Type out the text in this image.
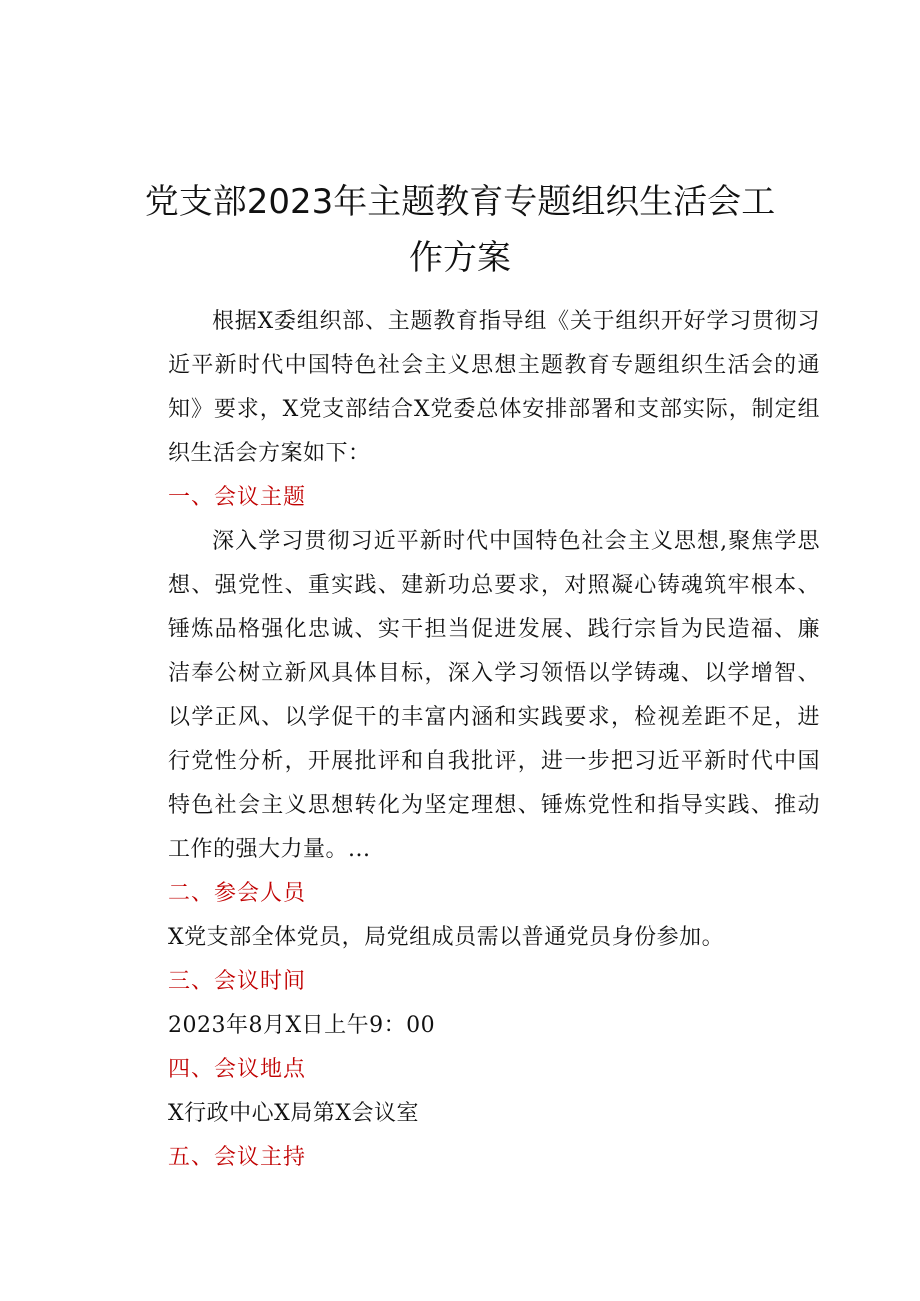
党支部2023年主题教育专题组织生活会工
作方案

根据X委组织部、主题教育指导组《关于组织开好学习贯彻习近平新时代中国特色社会主义思想主题教育专题组织生活会的通知》要求，X党支部结合X党委总体安排部署和支部实际，制定组织生活会方案如下：

一、会议主题

深入学习贯彻习近平新时代中国特色社会主义思想,聚焦学思想、强党性、重实践、建新功总要求，对照凝心铸魂筑牢根本、锤炼品格强化忠诚、实干担当促进发展、践行宗旨为民造福、廉洁奉公树立新风具体目标，深入学习领悟以学铸魂、以学增智、以学正风、以学促干的丰富内涵和实践要求，检视差距不足，进行党性分析，开展批评和自我批评，进一步把习近平新时代中国特色社会主义思想转化为坚定理想、锤炼党性和指导实践、推动工作的强大力量。...

二、参会人员

X党支部全体党员，局党组成员需以普通党员身份参加。

三、会议时间

2023年8月X日上午9：00

四、会议地点

X行政中心X局第X会议室

五、会议主持
